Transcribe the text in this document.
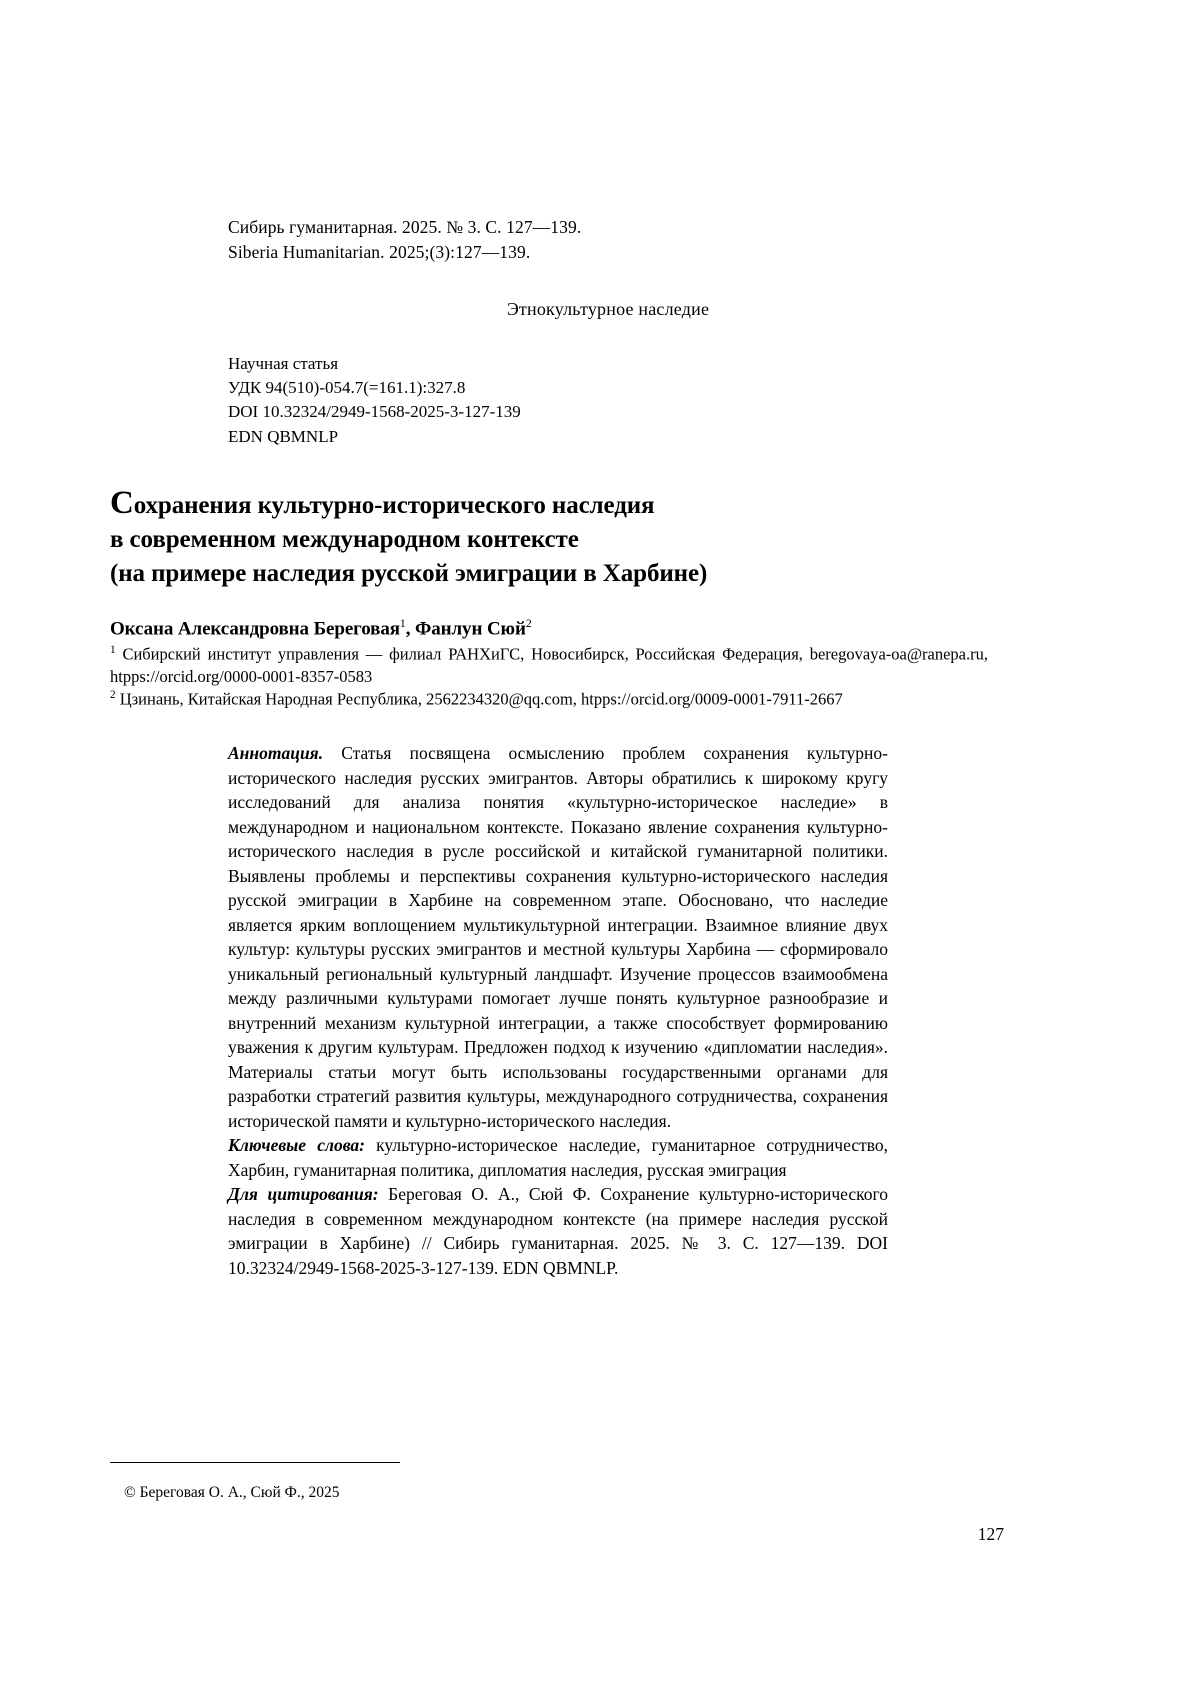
Сибирь гуманитарная. 2025. № 3. С. 127—139.
Siberia Humanitarian. 2025;(3):127—139.
Этнокультурное наследие
Научная статья
УДК 94(510)-054.7(=161.1):327.8
DOI 10.32324/2949-1568-2025-3-127-139
EDN QBMNLP
Сохранения культурно-исторического наследия
в современном международном контексте
(на примере наследия русской эмиграции в Харбине)
Оксана Александровна Береговая$^1$, Фанлун Сюй$^2$
$^1$ Сибирский институт управления — филиал РАНХиГС, Новосибирск, Российская Федерация, beregovaya-oa@ranepa.ru, htpps://orcid.org/0000-0001-8357-0583
$^2$ Цзинань, Китайская Народная Республика, 2562234320@qq.com, htpps://orcid.org/0009-0001-7911-2667

Аннотация. Статья посвящена осмыслению проблем сохранения культурно-исторического наследия русских эмигрантов. Авторы обратились к широкому кругу исследований для анализа понятия «культурно-историческое наследие» в международном и национальном контексте. Показано явление сохранения культурно-исторического наследия в русле российской и китайской гуманитарной политики. Выявлены проблемы и перспективы сохранения культурно-исторического наследия русской эмиграции в Харбине на современном этапе. Обосновано, что наследие является ярким воплощением мультикультурной интеграции. Взаимное влияние двух культур: культуры русских эмигрантов и местной культуры Харбина — сформировало уникальный региональный культурный ландшафт. Изучение процессов взаимообмена между различными культурами помогает лучше понять культурное разнообразие и внутренний механизм культурной интеграции, а также способствует формированию уважения к другим культурам. Предложен подход к изучению «дипломатии наследия». Материалы статьи могут быть использованы государственными органами для разработки стратегий развития культуры, международного сотрудничества, сохранения исторической памяти и культурно-исторического наследия.

Ключевые слова: культурно-историческое наследие, гуманитарное сотрудничество, Харбин, гуманитарная политика, дипломатия наследия, русская эмиграция

Для цитирования: Береговая О. А., Сюй Ф. Сохранение культурно-исторического наследия в современном международном контексте (на примере наследия русской эмиграции в Харбине) // Сибирь гуманитарная. 2025. № 3. С. 127—139. DOI 10.32324/2949-1568-2025-3-127-139. EDN QBMNLP.

© Береговая О. А., Сюй Ф., 2025
127
